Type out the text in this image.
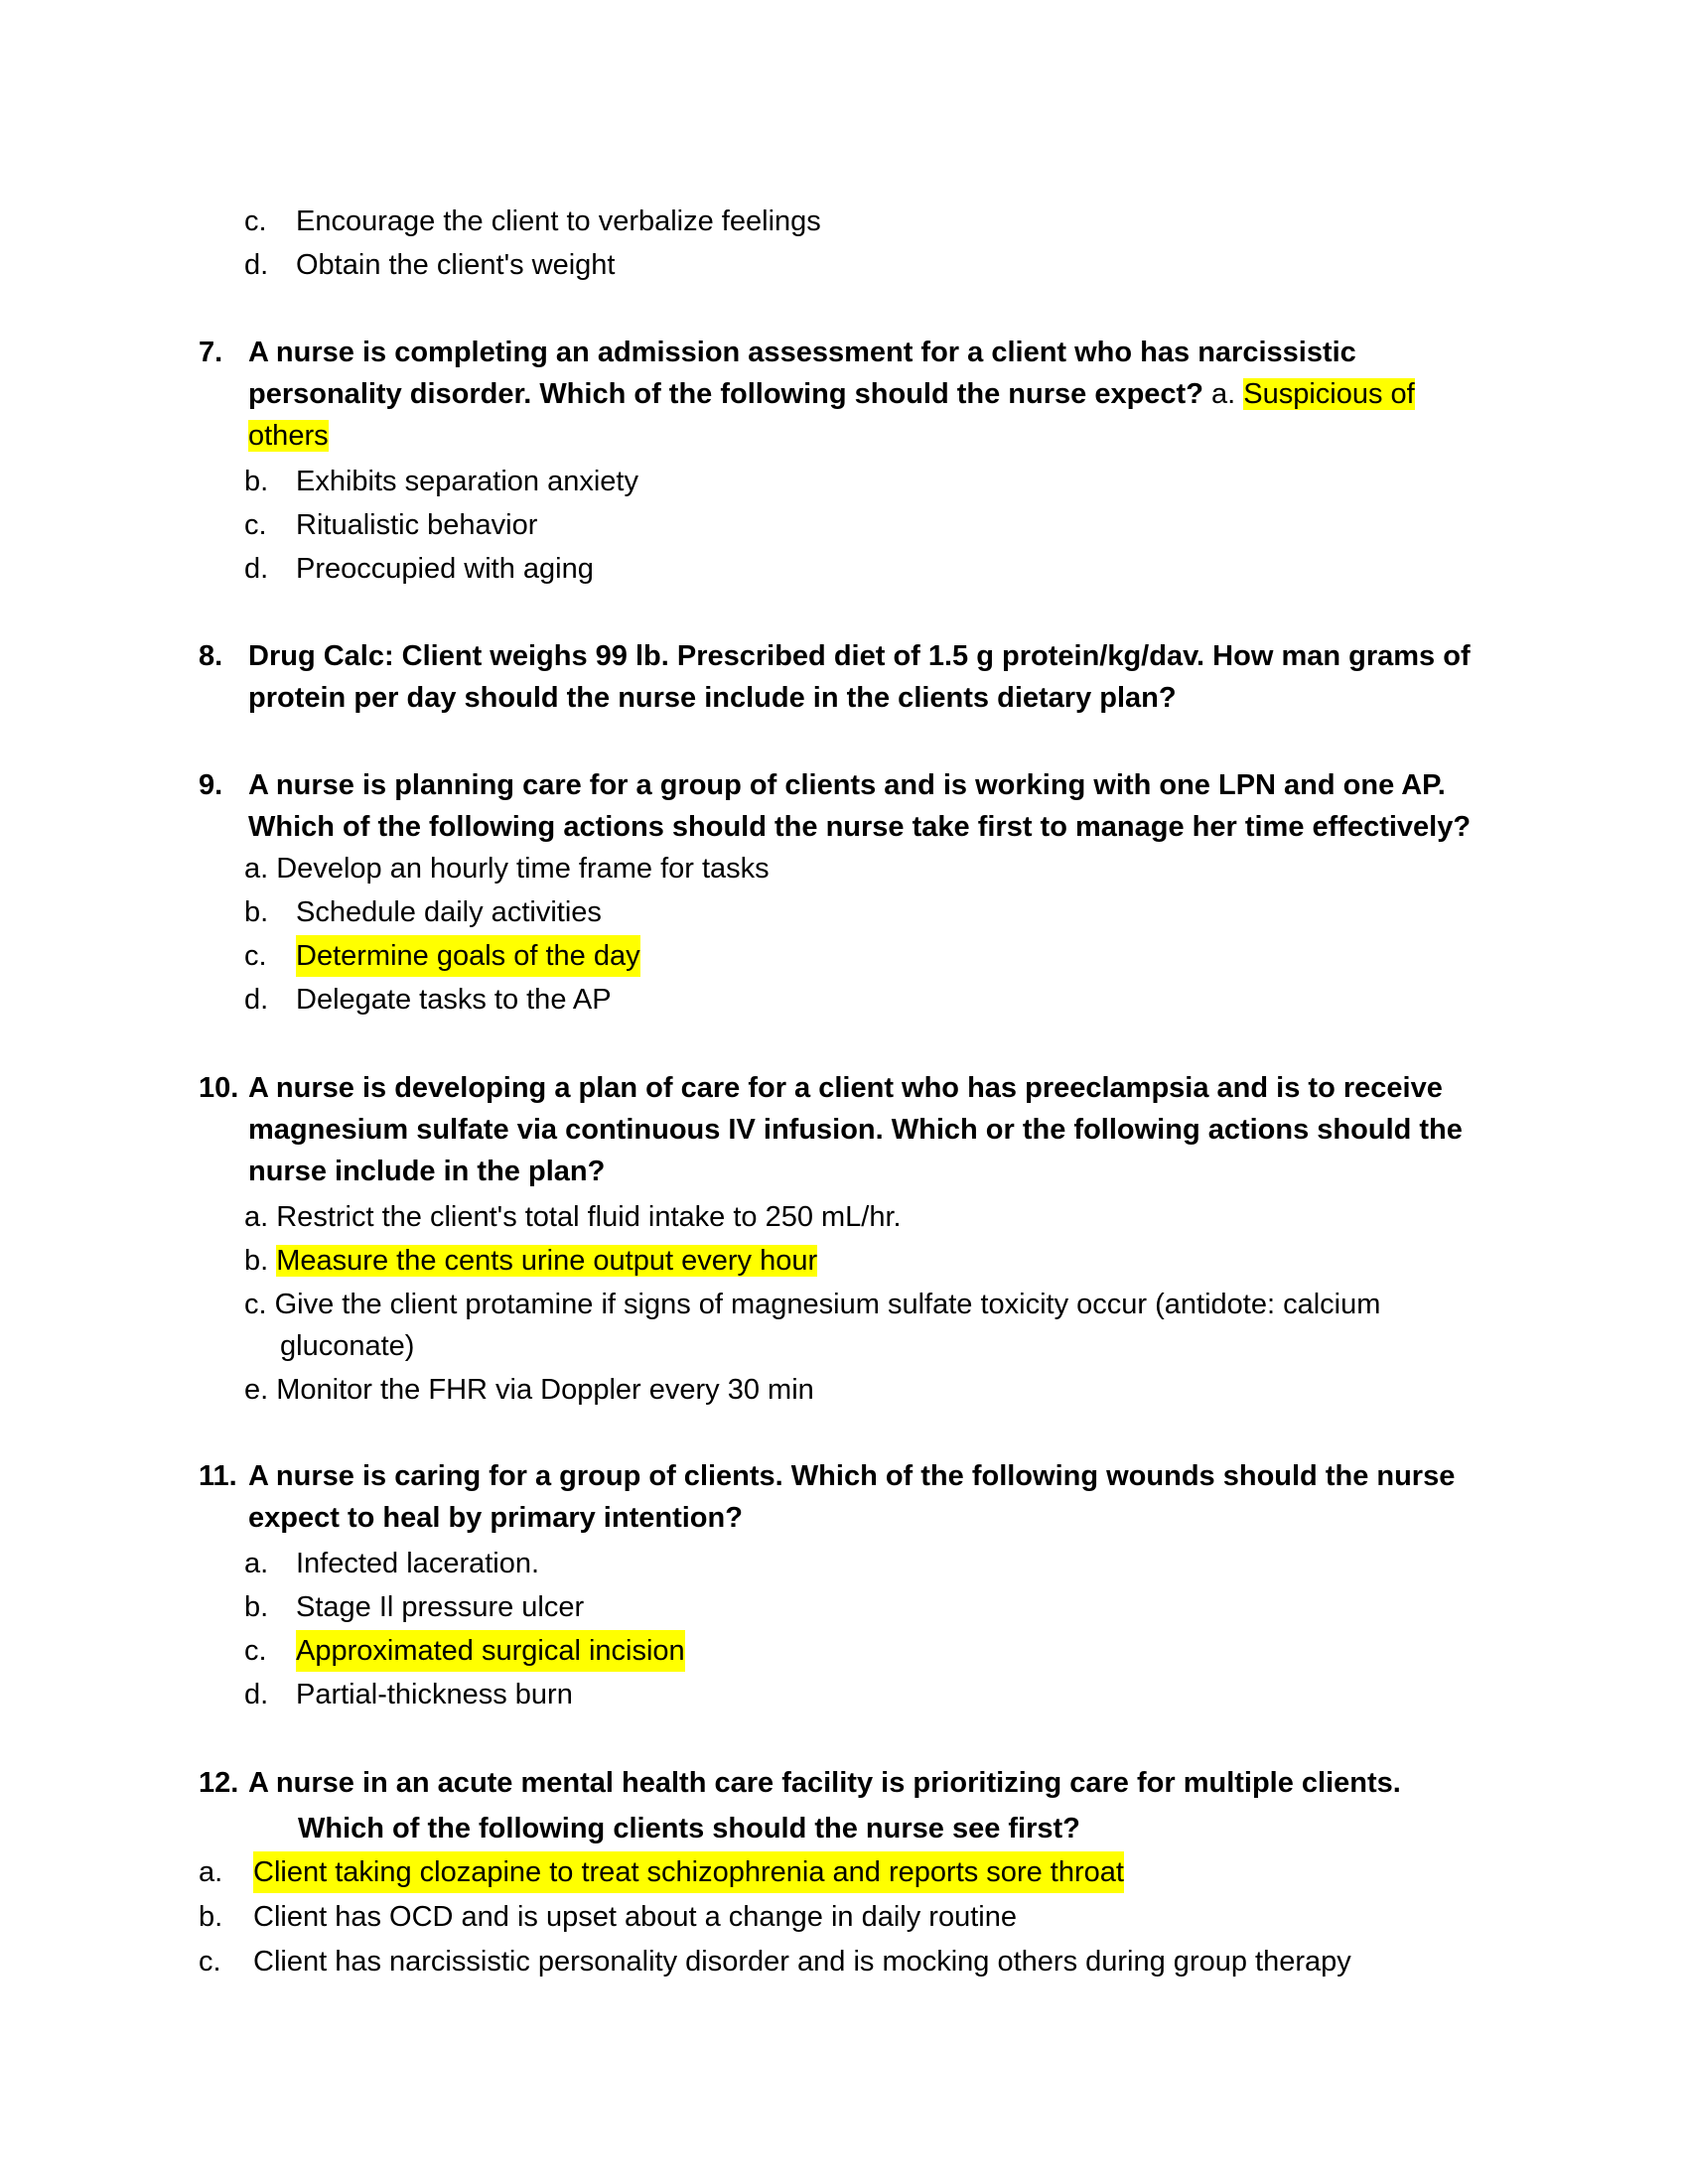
c. Encourage the client to verbalize feelings
d. Obtain the client's weight
7. A nurse is completing an admission assessment for a client who has narcissistic personality disorder. Which of the following should the nurse expect? a. Suspicious of others
b. Exhibits separation anxiety
c. Ritualistic behavior
d. Preoccupied with aging
8. Drug Calc: Client weighs 99 lb. Prescribed diet of 1.5 g protein/kg/dav. How man grams of protein per day should the nurse include in the clients dietary plan?
9. A nurse is planning care for a group of clients and is working with one LPN and one AP. Which of the following actions should the nurse take first to manage her time effectively?
a. Develop an hourly time frame for tasks
b. Schedule daily activities
c. Determine goals of the day
d. Delegate tasks to the AP
10. A nurse is developing a plan of care for a client who has preeclampsia and is to receive magnesium sulfate via continuous IV infusion. Which or the following actions should the nurse include in the plan?
a. Restrict the client's total fluid intake to 250 mL/hr.
b. Measure the cents urine output every hour
c. Give the client protamine if signs of magnesium sulfate toxicity occur (antidote: calcium
gluconate)
e. Monitor the FHR via Doppler every 30 min
11. A nurse is caring for a group of clients. Which of the following wounds should the nurse expect to heal by primary intention?
a. Infected laceration.
b. Stage Il pressure ulcer
c. Approximated surgical incision
d. Partial-thickness burn
12. A nurse in an acute mental health care facility is prioritizing care for multiple clients.
Which of the following clients should the nurse see first?
a. Client taking clozapine to treat schizophrenia and reports sore throat
b. Client has OCD and is upset about a change in daily routine
c. Client has narcissistic personality disorder and is mocking others during group therapy
